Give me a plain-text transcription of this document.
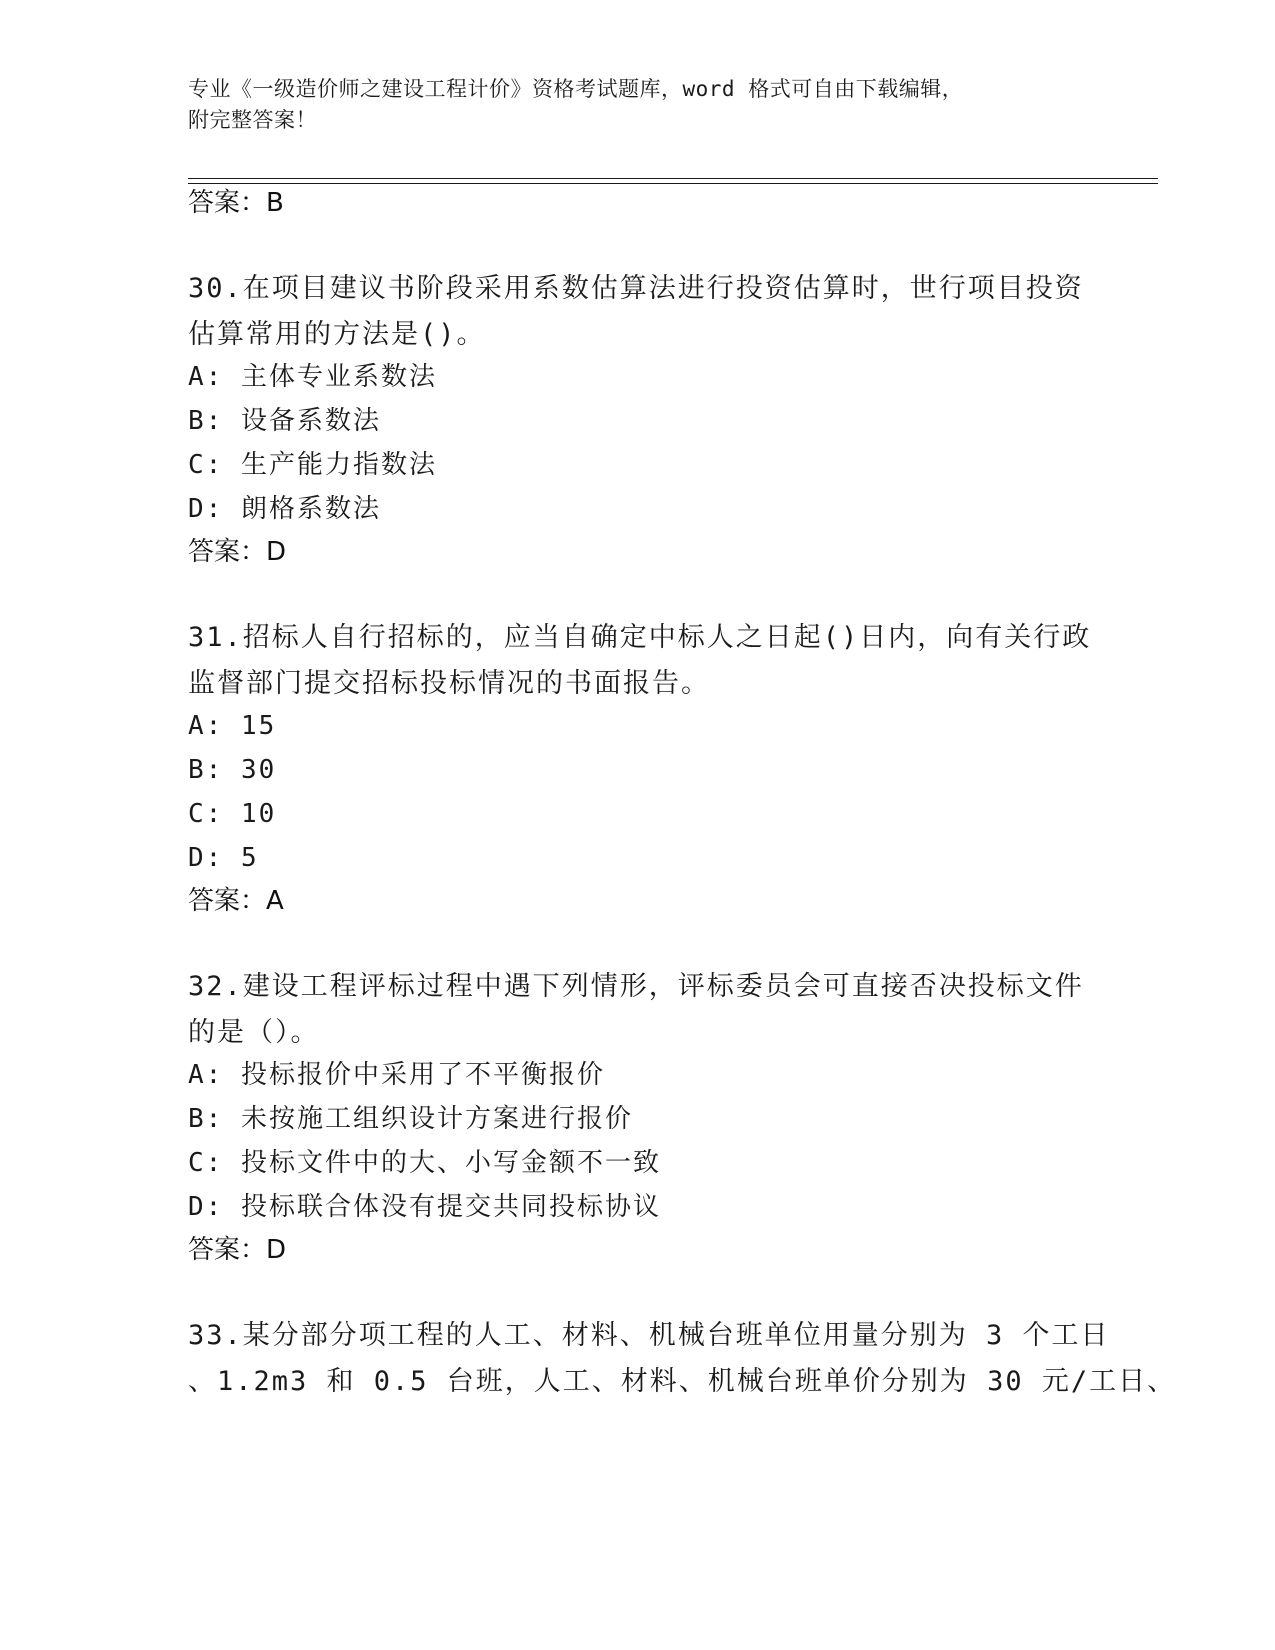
专业《一级造价师之建设工程计价》资格考试题库，word 格式可自由下载编辑，
附完整答案！
答案：B
30.在项目建议书阶段采用系数估算法进行投资估算时，世行项目投资
估算常用的方法是()。
A: 主体专业系数法
B: 设备系数法
C: 生产能力指数法
D: 朗格系数法
答案：D
31.招标人自行招标的，应当自确定中标人之日起()日内，向有关行政
监督部门提交招标投标情况的书面报告。
A: 15
B: 30
C: 10
D: 5
答案：A
32.建设工程评标过程中遇下列情形，评标委员会可直接否决投标文件
的是（）。
A: 投标报价中采用了不平衡报价
B: 未按施工组织设计方案进行报价
C: 投标文件中的大、小写金额不一致
D: 投标联合体没有提交共同投标协议
答案：D
33.某分部分项工程的人工、材料、机械台班单位用量分别为 3 个工日
、1.2m3 和 0.5 台班，人工、材料、机械台班单价分别为 30 元/工日、
